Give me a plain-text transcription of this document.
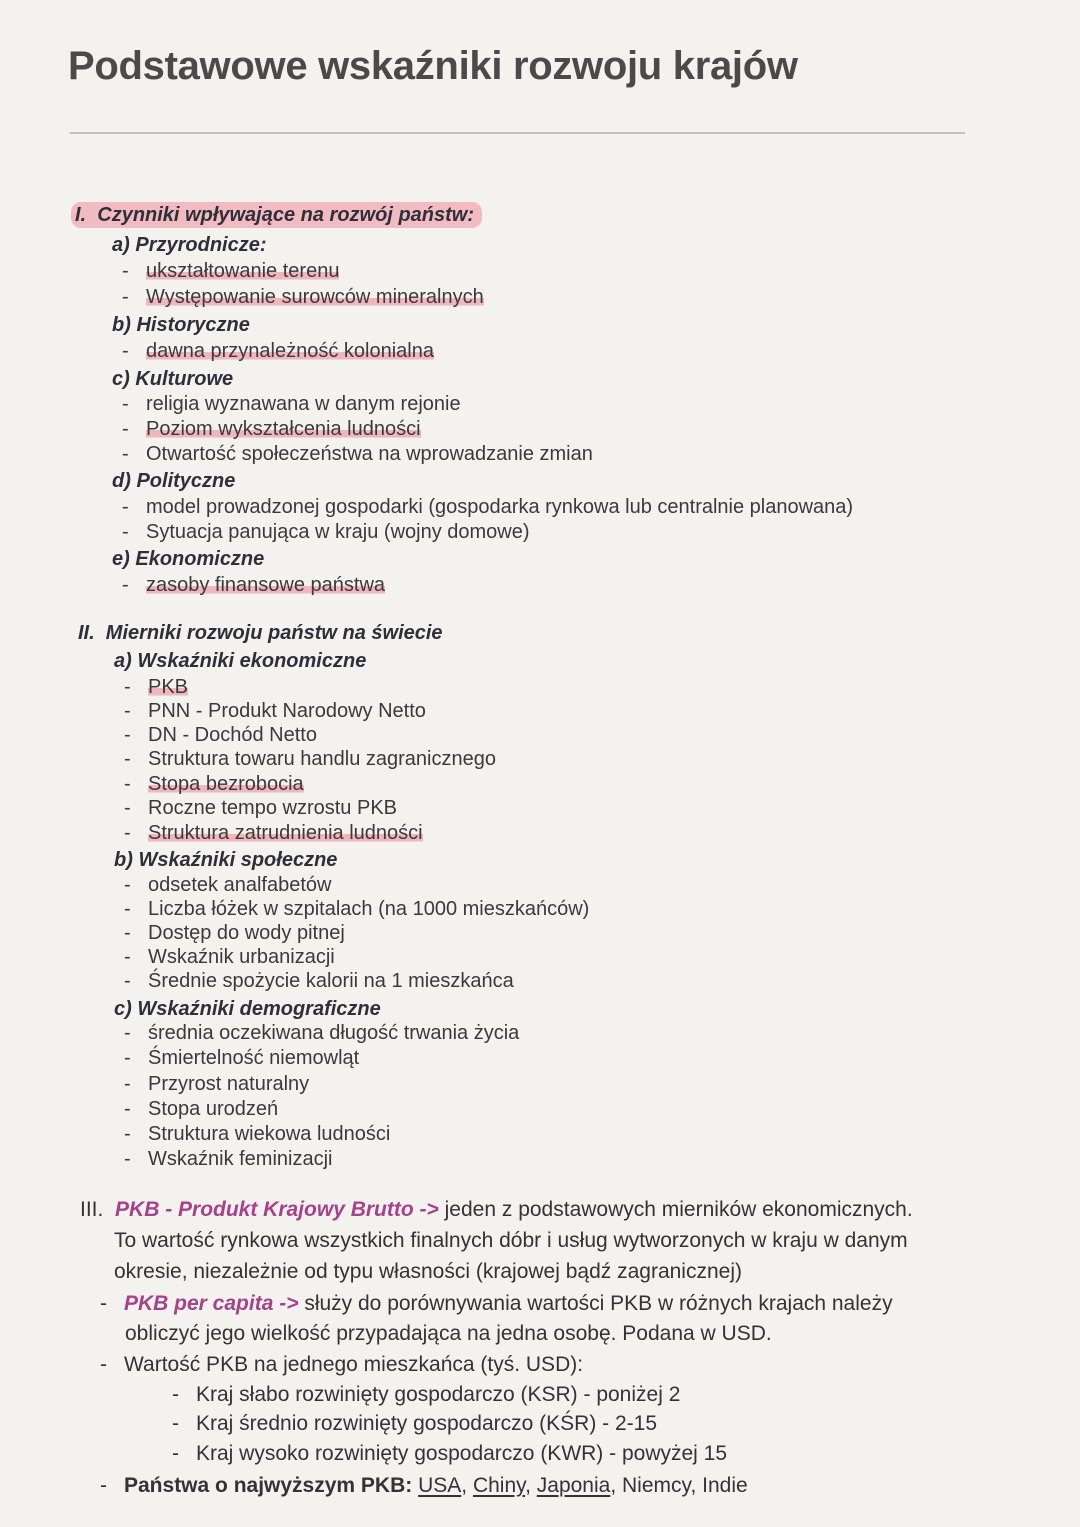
Podstawowe wskaźniki rozwoju krajów
I. Czynniki wpływające na rozwój państw:
a) Przyrodnicze:
- ukształtowanie terenu
- Występowanie surowców mineralnych
b) Historyczne
- dawna przynależność kolonialna
c) Kulturowe
- religia wyznawana w danym rejonie
- Poziom wykształcenia ludności
- Otwartość społeczeństwa na wprowadzanie zmian
d) Polityczne
- model prowadzonej gospodarki (gospodarka rynkowa lub centralnie planowana)
- Sytuacja panująca w kraju (wojny domowe)
e) Ekonomiczne
- zasoby finansowe państwa
II. Mierniki rozwoju państw na świecie
a) Wskaźniki ekonomiczne
- PKB
- PNN - Produkt Narodowy Netto
- DN - Dochód Netto
- Struktura towaru handlu zagranicznego
- Stopa bezrobocia
- Roczne tempo wzrostu PKB
- Struktura zatrudnienia ludności
b) Wskaźniki społeczne
- odsetek analfabetów
- Liczba łóżek w szpitalach (na 1000 mieszkańców)
- Dostęp do wody pitnej
- Wskaźnik urbanizacji
- Średnie spożycie kalorii na 1 mieszkańca
c) Wskaźniki demograficzne
- średnia oczekiwana długość trwania życia
- Śmiertelność niemowląt
- Przyrost naturalny
- Stopa urodzeń
- Struktura wiekowa ludności
- Wskaźnik feminizacji
III. PKB - Produkt Krajowy Brutto -> jeden z podstawowych mierników ekonomicznych.
To wartość rynkowa wszystkich finalnych dóbr i usług wytworzonych w kraju w danym
okresie, niezależnie od typu własności (krajowej bądź zagranicznej)
- PKB per capita -> służy do porównywania wartości PKB w różnych krajach należy
obliczyć jego wielkość przypadająca na jedna osobę. Podana w USD.
- Wartość PKB na jednego mieszkańca (tyś. USD):
- Kraj słabo rozwinięty gospodarczo (KSR) - poniżej 2
- Kraj średnio rozwinięty gospodarczo (KŚR) - 2-15
- Kraj wysoko rozwinięty gospodarczo (KWR) - powyżej 15
- Państwa o najwyższym PKB: USA, Chiny, Japonia, Niemcy, Indie
